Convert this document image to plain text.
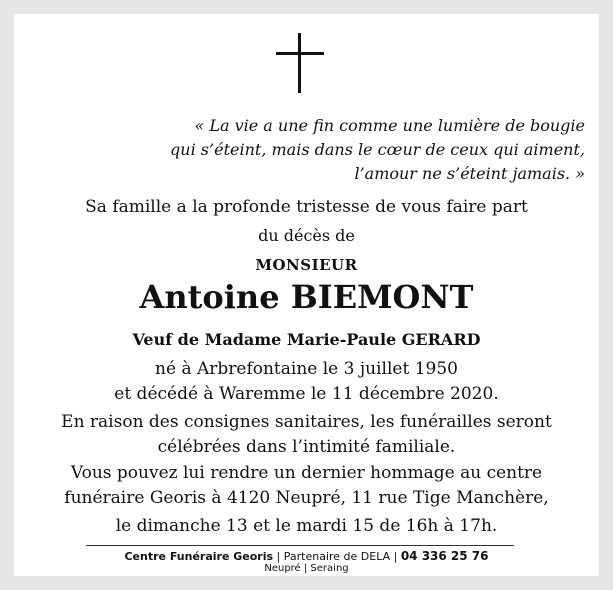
« La vie a une fin comme une lumière de bougie
qui s’éteint, mais dans le cœur de ceux qui aiment,
l’amour ne s’éteint jamais. »
Sa famille a la profonde tristesse de vous faire part
du décès de
MONSIEUR
Antoine BIEMONT
Veuf de Madame Marie-Paule GERARD
né à Arbrefontaine le 3 juillet 1950
et décédé à Waremme le 11 décembre 2020.
En raison des consignes sanitaires, les funérailles seront
célébrées dans l’intimité familiale.
Vous pouvez lui rendre un dernier hommage au centre
funéraire Georis à 4120 Neupré, 11 rue Tige Manchère,
le dimanche 13 et le mardi 15 de 16h à 17h.
Centre Funéraire Georis | Partenaire de DELA | 04 336 25 76
Neupré | Seraing
